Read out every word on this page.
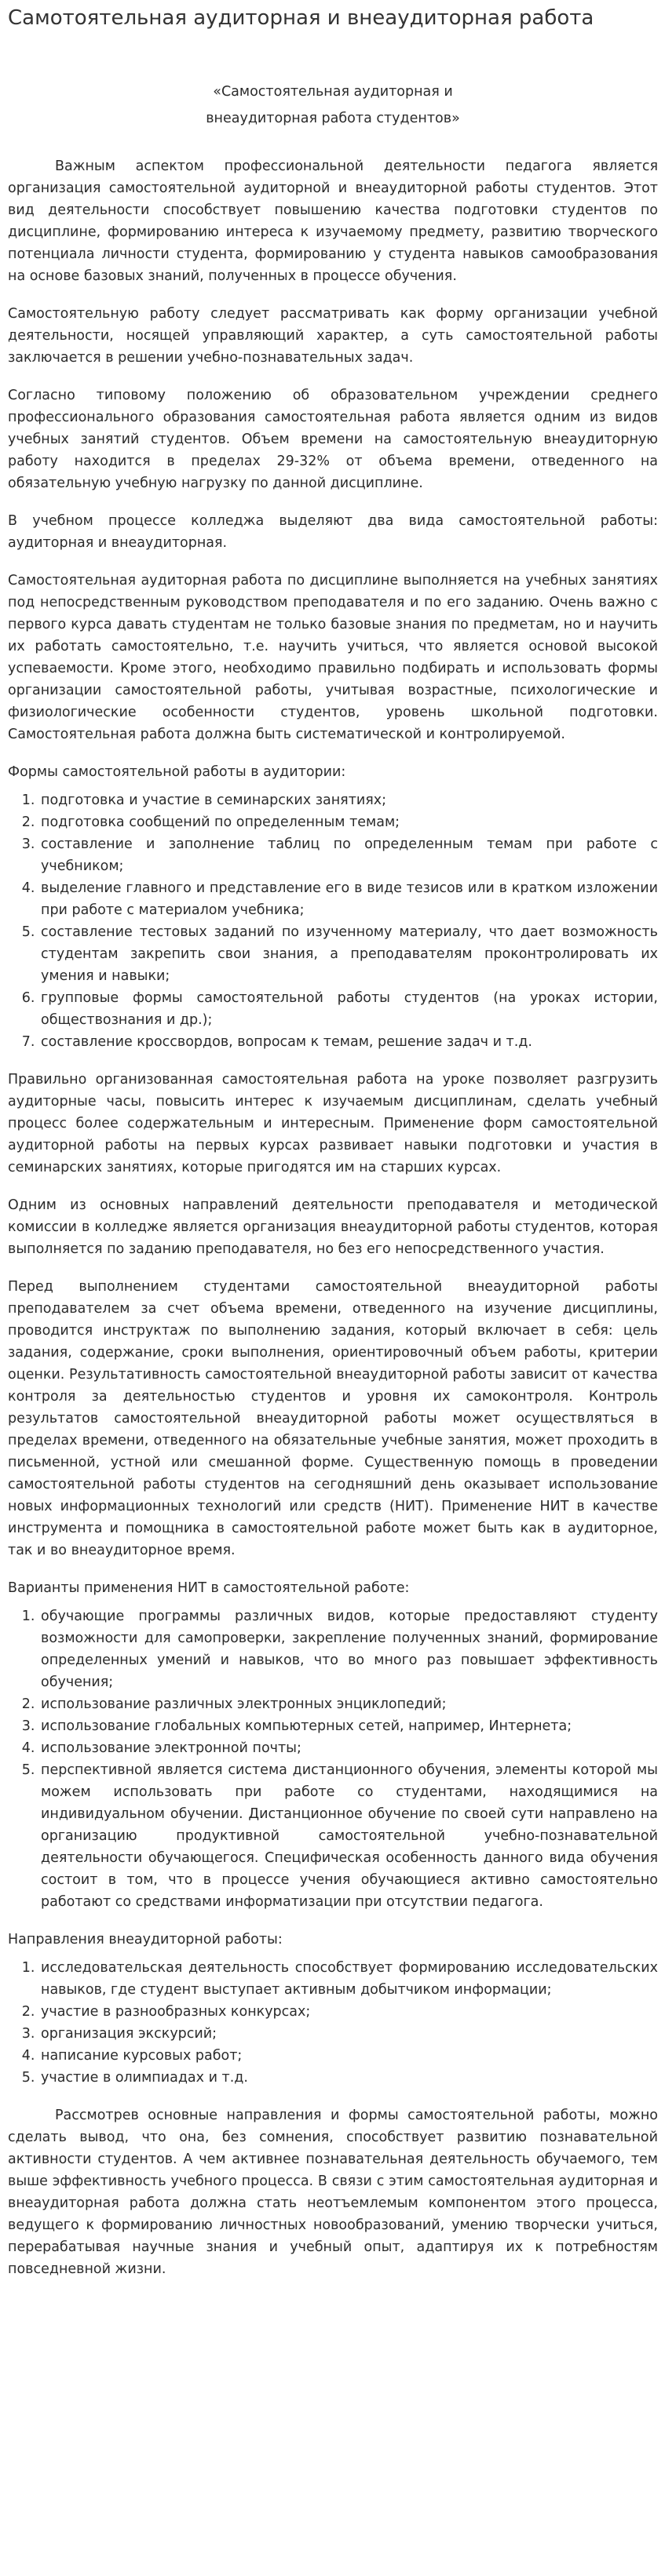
Самотоятельная аудиторная и внеаудиторная работа
«Самостоятельная аудиторная и
внеаудиторная работа студентов»

Важным аспектом профессиональной деятельности педагога является организация самостоятельной аудиторной и внеаудиторной работы студентов. Этот вид деятельности способствует повышению качества подготовки студентов по дисциплине, формированию интереса к изучаемому предмету, развитию творческого потенциала личности студента, формированию у студента навыков самообразования на основе базовых знаний, полученных в процессе обучения.

Самостоятельную работу следует рассматривать как форму организации учебной деятельности, носящей управляющий характер, а суть самостоятельной работы заключается в решении учебно-познавательных задач.

Согласно типовому положению об образовательном учреждении среднего профессионального образования самостоятельная работа является одним из видов учебных занятий студентов. Объем времени на самостоятельную внеаудиторную работу находится в пределах 29-32% от объема времени, отведенного на обязательную учебную нагрузку по данной дисциплине.

В учебном процессе колледжа выделяют два вида самостоятельной работы: аудиторная и внеаудиторная.

Самостоятельная аудиторная работа по дисциплине выполняется на учебных занятиях под непосредственным руководством преподавателя и по его заданию. Очень важно с первого курса давать студентам не только базовые знания по предметам, но и научить их работать самостоятельно, т.е. научить учиться, что является основой высокой успеваемости. Кроме этого, необходимо правильно подбирать и использовать формы организации самостоятельной работы, учитывая возрастные, психологические и физиологические особенности студентов, уровень школьной подготовки. Самостоятельная работа должна быть систематической и контролируемой.

Формы самостоятельной работы в аудитории:

1. подготовка и участие в семинарских занятиях;
2. подготовка сообщений по определенным темам;
3. составление и заполнение таблиц по определенным темам при работе с учебником;
4. выделение главного и представление его в виде тезисов или в кратком изложении при работе с материалом учебника;
5. составление тестовых заданий по изученному материалу, что дает возможность студентам закрепить свои знания, а преподавателям проконтролировать их умения и навыки;
6. групповые формы самостоятельной работы студентов (на уроках истории, обществознания и др.);
7. составление кроссвордов, вопросам к темам, решение задач и т.д.

Правильно организованная самостоятельная работа на уроке позволяет разгрузить аудиторные часы, повысить интерес к изучаемым дисциплинам, сделать учебный процесс более содержательным и интересным. Применение форм самостоятельной аудиторной работы на первых курсах развивает навыки подготовки и участия в семинарских занятиях, которые пригодятся им на старших курсах.

Одним из основных направлений деятельности преподавателя и методической комиссии в колледже является организация внеаудиторной работы студентов, которая выполняется по заданию преподавателя, но без его непосредственного участия.

Перед выполнением студентами самостоятельной внеаудиторной работы преподавателем за счет объема времени, отведенного на изучение дисциплины, проводится инструктаж по выполнению задания, который включает в себя: цель задания, содержание, сроки выполнения, ориентировочный объем работы, критерии оценки. Результативность самостоятельной внеаудиторной работы зависит от качества контроля за деятельностью студентов и уровня их самоконтроля. Контроль результатов самостоятельной внеаудиторной работы может осуществляться в пределах времени, отведенного на обязательные учебные занятия, может проходить в письменной, устной или смешанной форме. Существенную помощь в проведении самостоятельной работы студентов на сегодняшний день оказывает использование новых информационных технологий или средств (НИТ). Применение НИТ в качестве инструмента и помощника в самостоятельной работе может быть как в аудиторное, так и во внеаудиторное время.

Варианты применения НИТ в самостоятельной работе:

1. обучающие программы различных видов, которые предоставляют студенту возможности для самопроверки, закрепление полученных знаний, формирование определенных умений и навыков, что во много раз повышает эффективность обучения;
2. использование различных электронных энциклопедий;
3. использование глобальных компьютерных сетей, например, Интернета;
4. использование электронной почты;
5. перспективной является система дистанционного обучения, элементы которой мы можем использовать при работе со студентами, находящимися на индивидуальном обучении. Дистанционное обучение по своей сути направлено на организацию продуктивной самостоятельной учебно-познавательной деятельности обучающегося. Специфическая особенность данного вида обучения состоит в том, что в процессе учения обучающиеся активно самостоятельно работают со средствами информатизации при отсутствии педагога.

Направления внеаудиторной работы:

1. исследовательская деятельность способствует формированию исследовательских навыков, где студент выступает активным добытчиком информации;
2. участие в разнообразных конкурсах;
3. организация экскурсий;
4. написание курсовых работ;
5. участие в олимпиадах и т.д.

Рассмотрев основные направления и формы самостоятельной работы, можно сделать вывод, что она, без сомнения, способствует развитию познавательной активности студентов. А чем активнее познавательная деятельность обучаемого, тем выше эффективность учебного процесса. В связи с этим самостоятельная аудиторная и внеаудиторная работа должна стать неотъемлемым компонентом этого процесса, ведущего к формированию личностных новообразований, умению творчески учиться, перерабатывая научные знания и учебный опыт, адаптируя их к потребностям повседневной жизни.
